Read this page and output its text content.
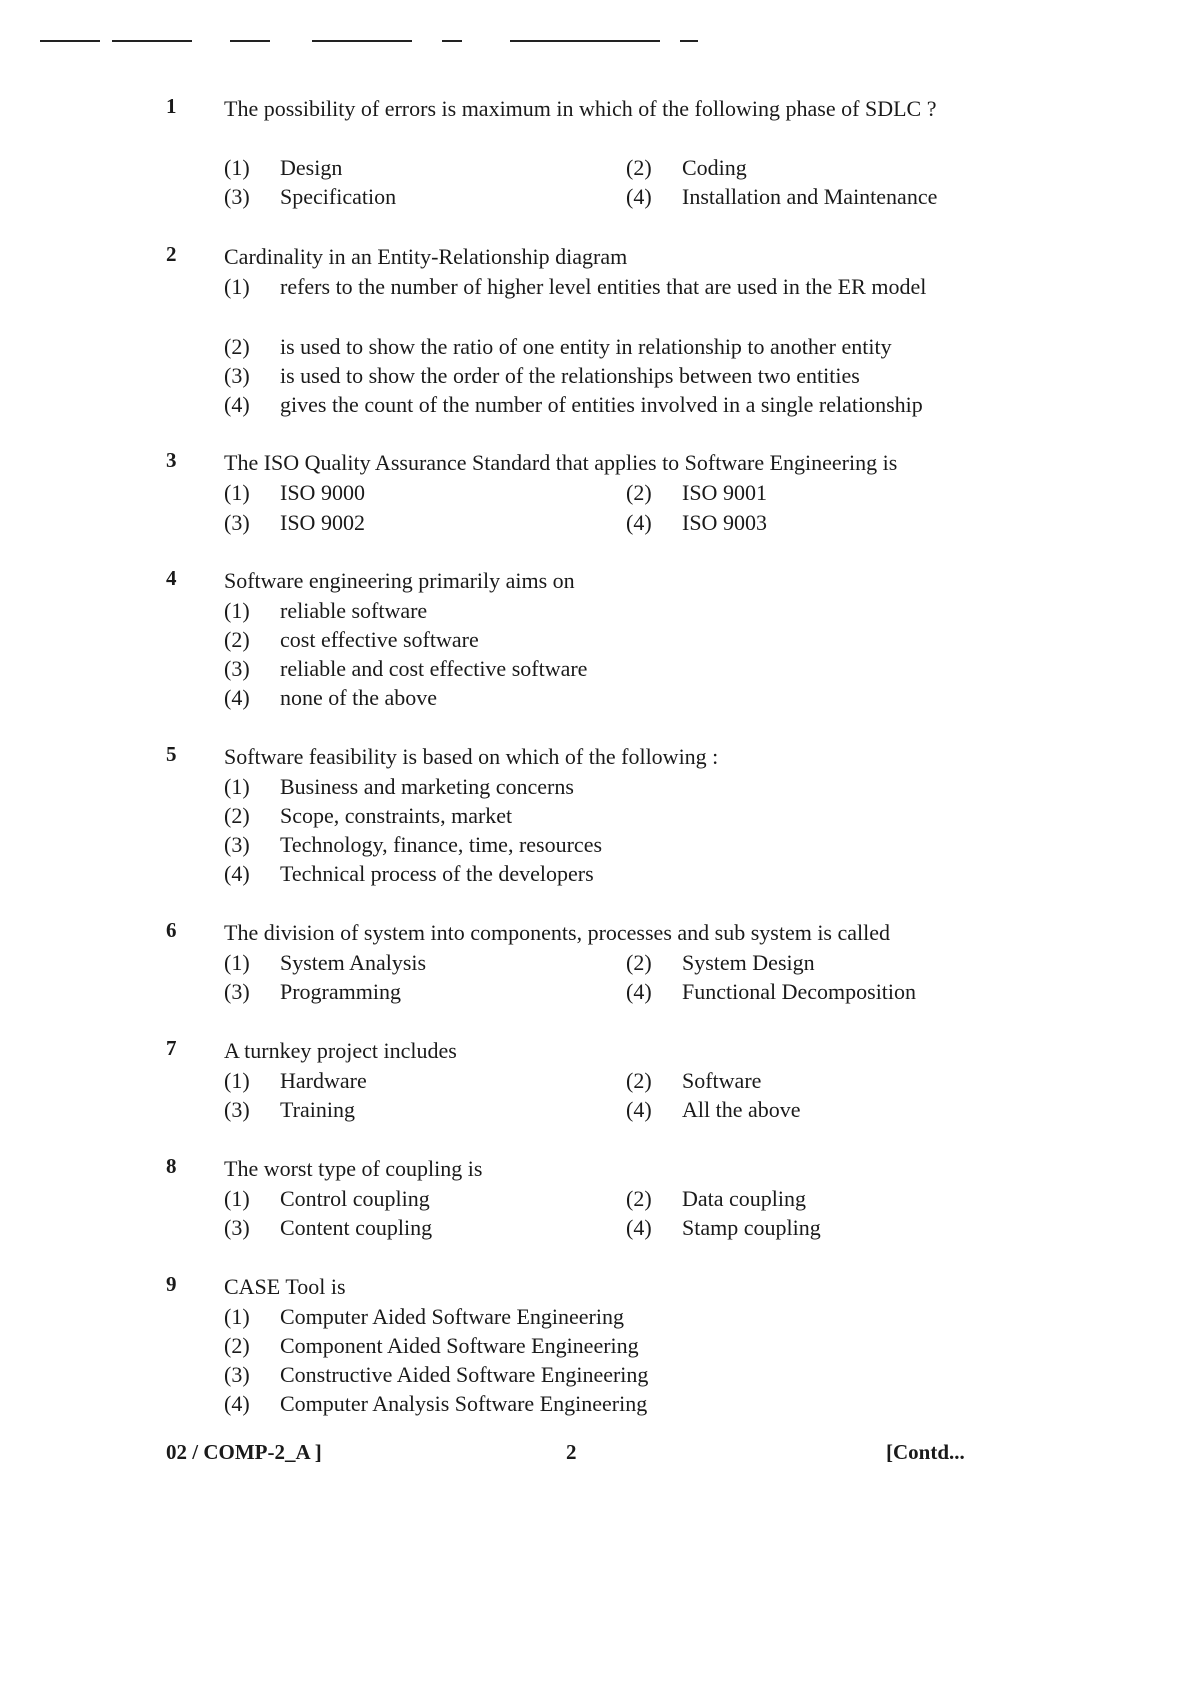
1 The possibility of errors is maximum in which of the following phase of SDLC ?
(1) Design	(2) Coding
(3) Specification	(4) Installation and Maintenance
2 Cardinality in an Entity-Relationship diagram
(1)	refers to the number of higher level entities that are used in the ER model
(2) is used to show the ratio of one entity in relationship to another entity
(3) is used to show the order of the relationships between two entities
(4) gives the count of the number of entities involved in a single relationship
3 The ISO Quality Assurance Standard that applies to Software Engineering is
(1) ISO 9000	(2) ISO 9001
(3) ISO 9002	(4) ISO 9003
4 Software engineering primarily aims on
(1) reliable software
(2) cost effective software
(3) reliable and cost effective software
(4) none of the above
5 Software feasibility is based on which of the following :
(1) Business and marketing concerns
(2) Scope, constraints, market
(3) Technology, finance, time, resources
(4) Technical process of the developers
6 The division of system into components, processes and sub system is called
(1) System Analysis	(2) System Design
(3) Programming	(4) Functional Decomposition
7 A turnkey project includes
(1) Hardware	(2) Software
(3) Training	(4) All the above
8 The worst type of coupling is
(1) Control coupling	(2) Data coupling
(3) Content coupling	(4) Stamp coupling
9 CASE Tool is
(1) Computer Aided Software Engineering
(2) Component Aided Software Engineering
(3) Constructive Aided Software Engineering
(4) Computer Analysis Software Engineering
02 / COMP-2_A ]	2	[Contd...
